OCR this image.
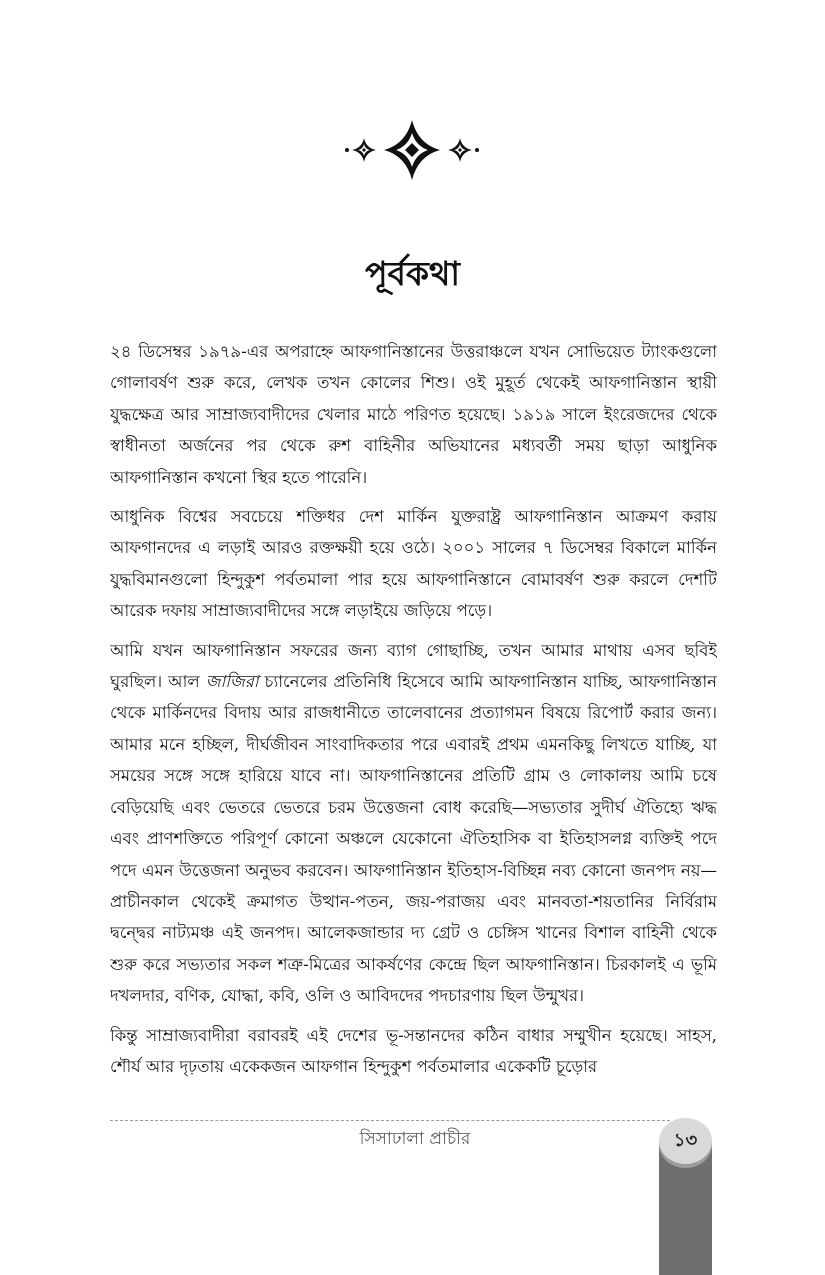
পূর্বকথা

২৪ ডিসেম্বর ১৯৭৯-এর অপরাহ্নে আফগানিস্তানের উত্তরাঞ্চলে যখন সোভিয়েত ট্যাংকগুলো গোলাবর্ষণ শুরু করে, লেখক তখন কোলের শিশু। ওই মুহূর্ত থেকেই আফগানিস্তান স্থায়ী যুদ্ধক্ষেত্র আর সাম্রাজ্যবাদীদের খেলার মাঠে পরিণত হয়েছে। ১৯১৯ সালে ইংরেজদের থেকে স্বাধীনতা অর্জনের পর থেকে রুশ বাহিনীর অভিযানের মধ্যবর্তী সময় ছাড়া আধুনিক আফগানিস্তান কখনো স্থির হতে পারেনি।

আধুনিক বিশ্বের সবচেয়ে শক্তিধর দেশ মার্কিন যুক্তরাষ্ট্র আফগানিস্তান আক্রমণ করায় আফগানদের এ লড়াই আরও রক্তক্ষয়ী হয়ে ওঠে। ২০০১ সালের ৭ ডিসেম্বর বিকালে মার্কিন যুদ্ধবিমানগুলো হিন্দুকুশ পর্বতমালা পার হয়ে আফগানিস্তানে বোমাবর্ষণ শুরু করলে দেশটি আরেক দফায় সাম্রাজ্যবাদীদের সঙ্গে লড়াইয়ে জড়িয়ে পড়ে।

আমি যখন আফগানিস্তান সফরের জন্য ব্যাগ গোছাচ্ছি, তখন আমার মাথায় এসব ছবিই ঘুরছিল। আল জাজিরা চ্যানেলের প্রতিনিধি হিসেবে আমি আফগানিস্তান যাচ্ছি, আফগানিস্তান থেকে মার্কিনদের বিদায় আর রাজধানীতে তালেবানের প্রত্যাগমন বিষয়ে রিপোর্ট করার জন্য। আমার মনে হচ্ছিল, দীর্ঘজীবন সাংবাদিকতার পরে এবারই প্রথম এমনকিছু লিখতে যাচ্ছি, যা সময়ের সঙ্গে সঙ্গে হারিয়ে যাবে না। আফগানিস্তানের প্রতিটি গ্রাম ও লোকালয় আমি চষে বেড়িয়েছি এবং ভেতরে ভেতরে চরম উত্তেজনা বোধ করেছি—সভ্যতার সুদীর্ঘ ঐতিহ্যে ঋদ্ধ এবং প্রাণশক্তিতে পরিপূর্ণ কোনো অঞ্চলে যেকোনো ঐতিহাসিক বা ইতিহাসলগ্ন ব্যক্তিই পদে পদে এমন উত্তেজনা অনুভব করবেন। আফগানিস্তান ইতিহাস-বিচ্ছিন্ন নব্য কোনো জনপদ নয়—প্রাচীনকাল থেকেই ক্রমাগত উত্থান-পতন, জয়-পরাজয় এবং মানবতা-শয়তানির নির্বিরাম দ্বন্দ্বের নাট্যমঞ্চ এই জনপদ। আলেকজান্ডার দ্য গ্রেট ও চেঙ্গিস খানের বিশাল বাহিনী থেকে শুরু করে সভ্যতার সকল শত্রু-মিত্রের আকর্ষণের কেন্দ্রে ছিল আফগানিস্তান। চিরকালই এ ভূমি দখলদার, বণিক, যোদ্ধা, কবি, ওলি ও আবিদদের পদচারণায় ছিল উন্মুখর।

কিন্তু সাম্রাজ্যবাদীরা বরাবরই এই দেশের ভূ-সন্তানদের কঠিন বাধার সম্মুখীন হয়েছে। সাহস, শৌর্য আর দৃঢ়তায় একেকজন আফগান হিন্দুকুশ পর্বতমালার একেকটি চূড়োর

সিসাঢালা প্রাচীর	১৩
